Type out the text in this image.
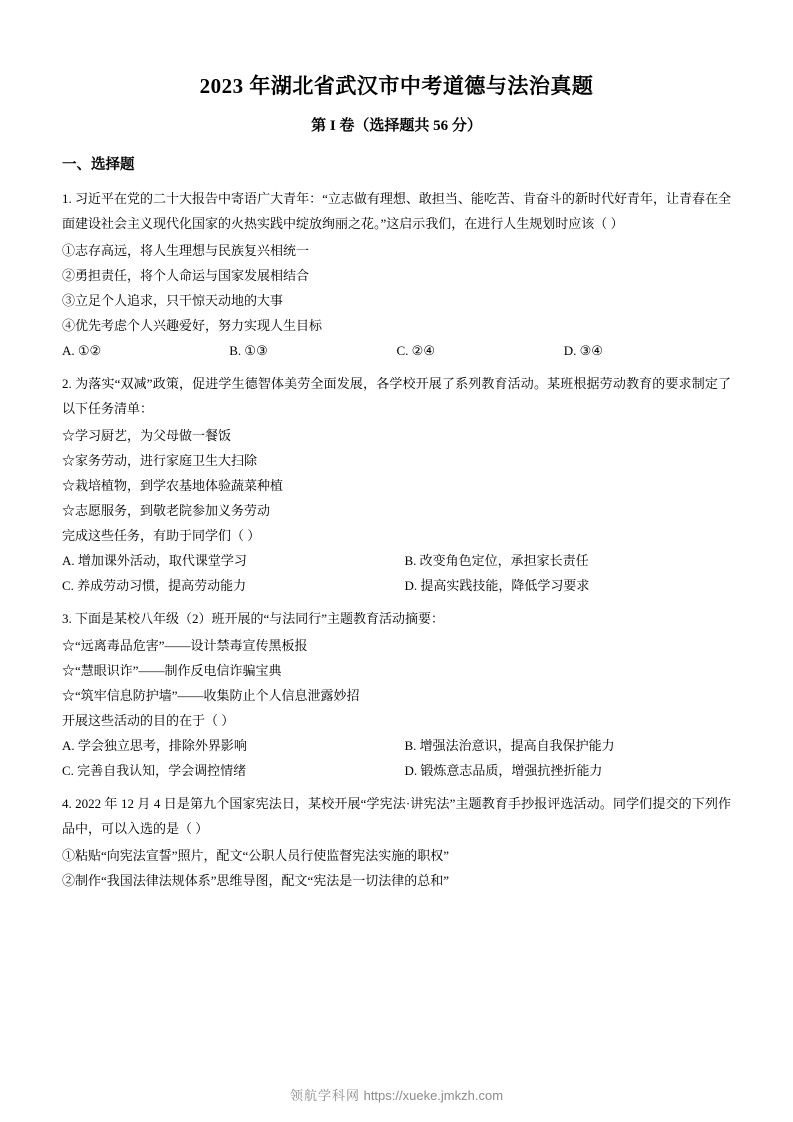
2023 年湖北省武汉市中考道德与法治真题
第 I 卷（选择题共 56 分）
一、选择题

1. 习近平在党的二十大报告中寄语广大青年：“立志做有理想、敢担当、能吃苦、肯奋斗的新时代好青年，让青春在全面建设社会主义现代化国家的火热实践中绽放绚丽之花。”这启示我们，在进行人生规划时应该（ ）

①志存高远，将人生理想与民族复兴相统一

②勇担责任，将个人命运与国家发展相结合

③立足个人追求，只干惊天动地的大事

④优先考虑个人兴趣爱好，努力实现人生目标

A. ①②	B. ①③	C. ②④	D. ③④

2. 为落实“双减”政策，促进学生德智体美劳全面发展，各学校开展了系列教育活动。某班根据劳动教育的要求制定了以下任务清单：

☆学习厨艺，为父母做一餐饭

☆家务劳动，进行家庭卫生大扫除

☆栽培植物，到学农基地体验蔬菜种植

☆志愿服务，到敬老院参加义务劳动

完成这些任务，有助于同学们（ ）

A. 增加课外活动，取代课堂学习	B. 改变角色定位，承担家长责任
C. 养成劳动习惯，提高劳动能力	D. 提高实践技能，降低学习要求

3. 下面是某校八年级（2）班开展的“与法同行”主题教育活动摘要：

☆“远离毒品危害”——设计禁毒宣传黑板报

☆“慧眼识诈”——制作反电信诈骗宝典

☆“筑牢信息防护墙”——收集防止个人信息泄露妙招

开展这些活动的目的在于（ ）

A. 学会独立思考，排除外界影响	B. 增强法治意识，提高自我保护能力
C. 完善自我认知，学会调控情绪	D. 锻炼意志品质，增强抗挫折能力

4. 2022 年 12 月 4 日是第九个国家宪法日，某校开展“学宪法·讲宪法”主题教育手抄报评选活动。同学们提交的下列作品中，可以入选的是（ ）

①粘贴“向宪法宣誓”照片，配文“公职人员行使监督宪法实施的职权”

②制作“我国法律法规体系”思维导图，配文“宪法是一切法律的总和”

领航学科网 https://xueke.jmkzh.com
